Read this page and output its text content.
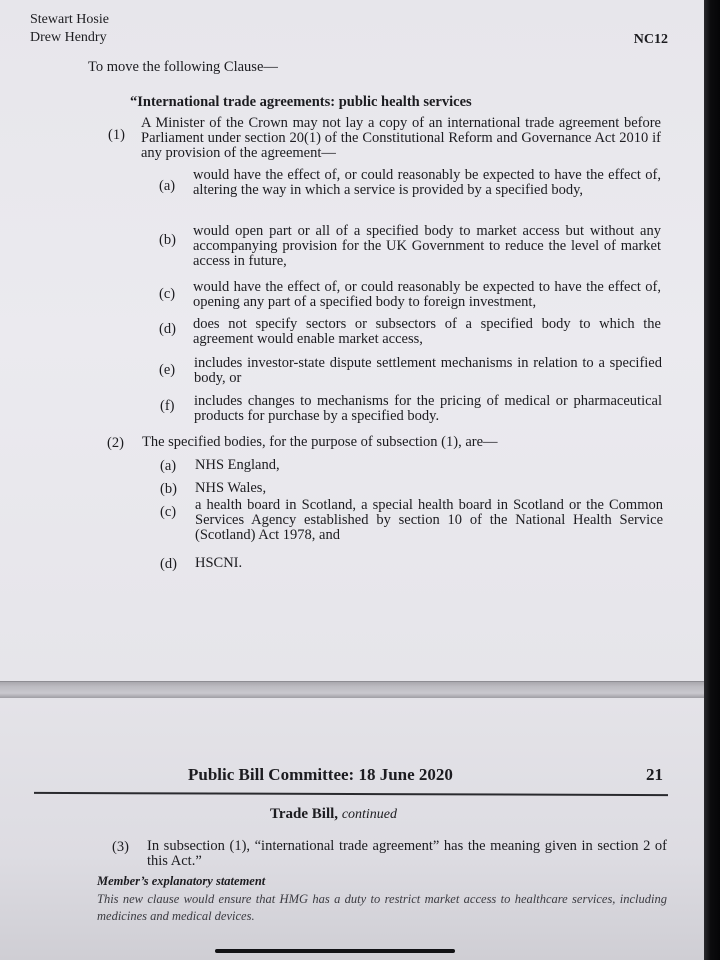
Stewart Hosie
Drew Hendry	NC12
To move the following Clause—
“International trade agreements: public health services
(1)
A Minister of the Crown may not lay a copy of an international trade agreement before Parliament under section 20(1) of the Constitutional Reform and Governance Act 2010 if any provision of the agreement—
(a)
would have the effect of, or could reasonably be expected to have the effect of, altering the way in which a service is provided by a specified body,
(b)
would open part or all of a specified body to market access but without any accompanying provision for the UK Government to reduce the level of market access in future,
(c) would have the effect of, or could reasonably be expected to have the effect of, opening any part of a specified body to foreign investment,
(d) does not specify sectors or subsectors of a specified body to which the agreement would enable market access,
(e) includes investor-state dispute settlement mechanisms in relation to a specified body, or
(f) includes changes to mechanisms for the pricing of medical or pharmaceutical products for purchase by a specified body.
(2) The specified bodies, for the purpose of subsection (1), are—
(a) NHS England,
(b) NHS Wales,
(c) a health board in Scotland, a special health board in Scotland or the Common Services Agency established by section 10 of the National Health Service (Scotland) Act 1978, and
(d) HSCNI.
Public Bill Committee: 18 June 2020	21
Trade Bill, continued
(3) In subsection (1), “international trade agreement” has the meaning given in section 2 of this Act.”
Member’s explanatory statement
This new clause would ensure that HMG has a duty to restrict market access to healthcare services, including medicines and medical devices.
